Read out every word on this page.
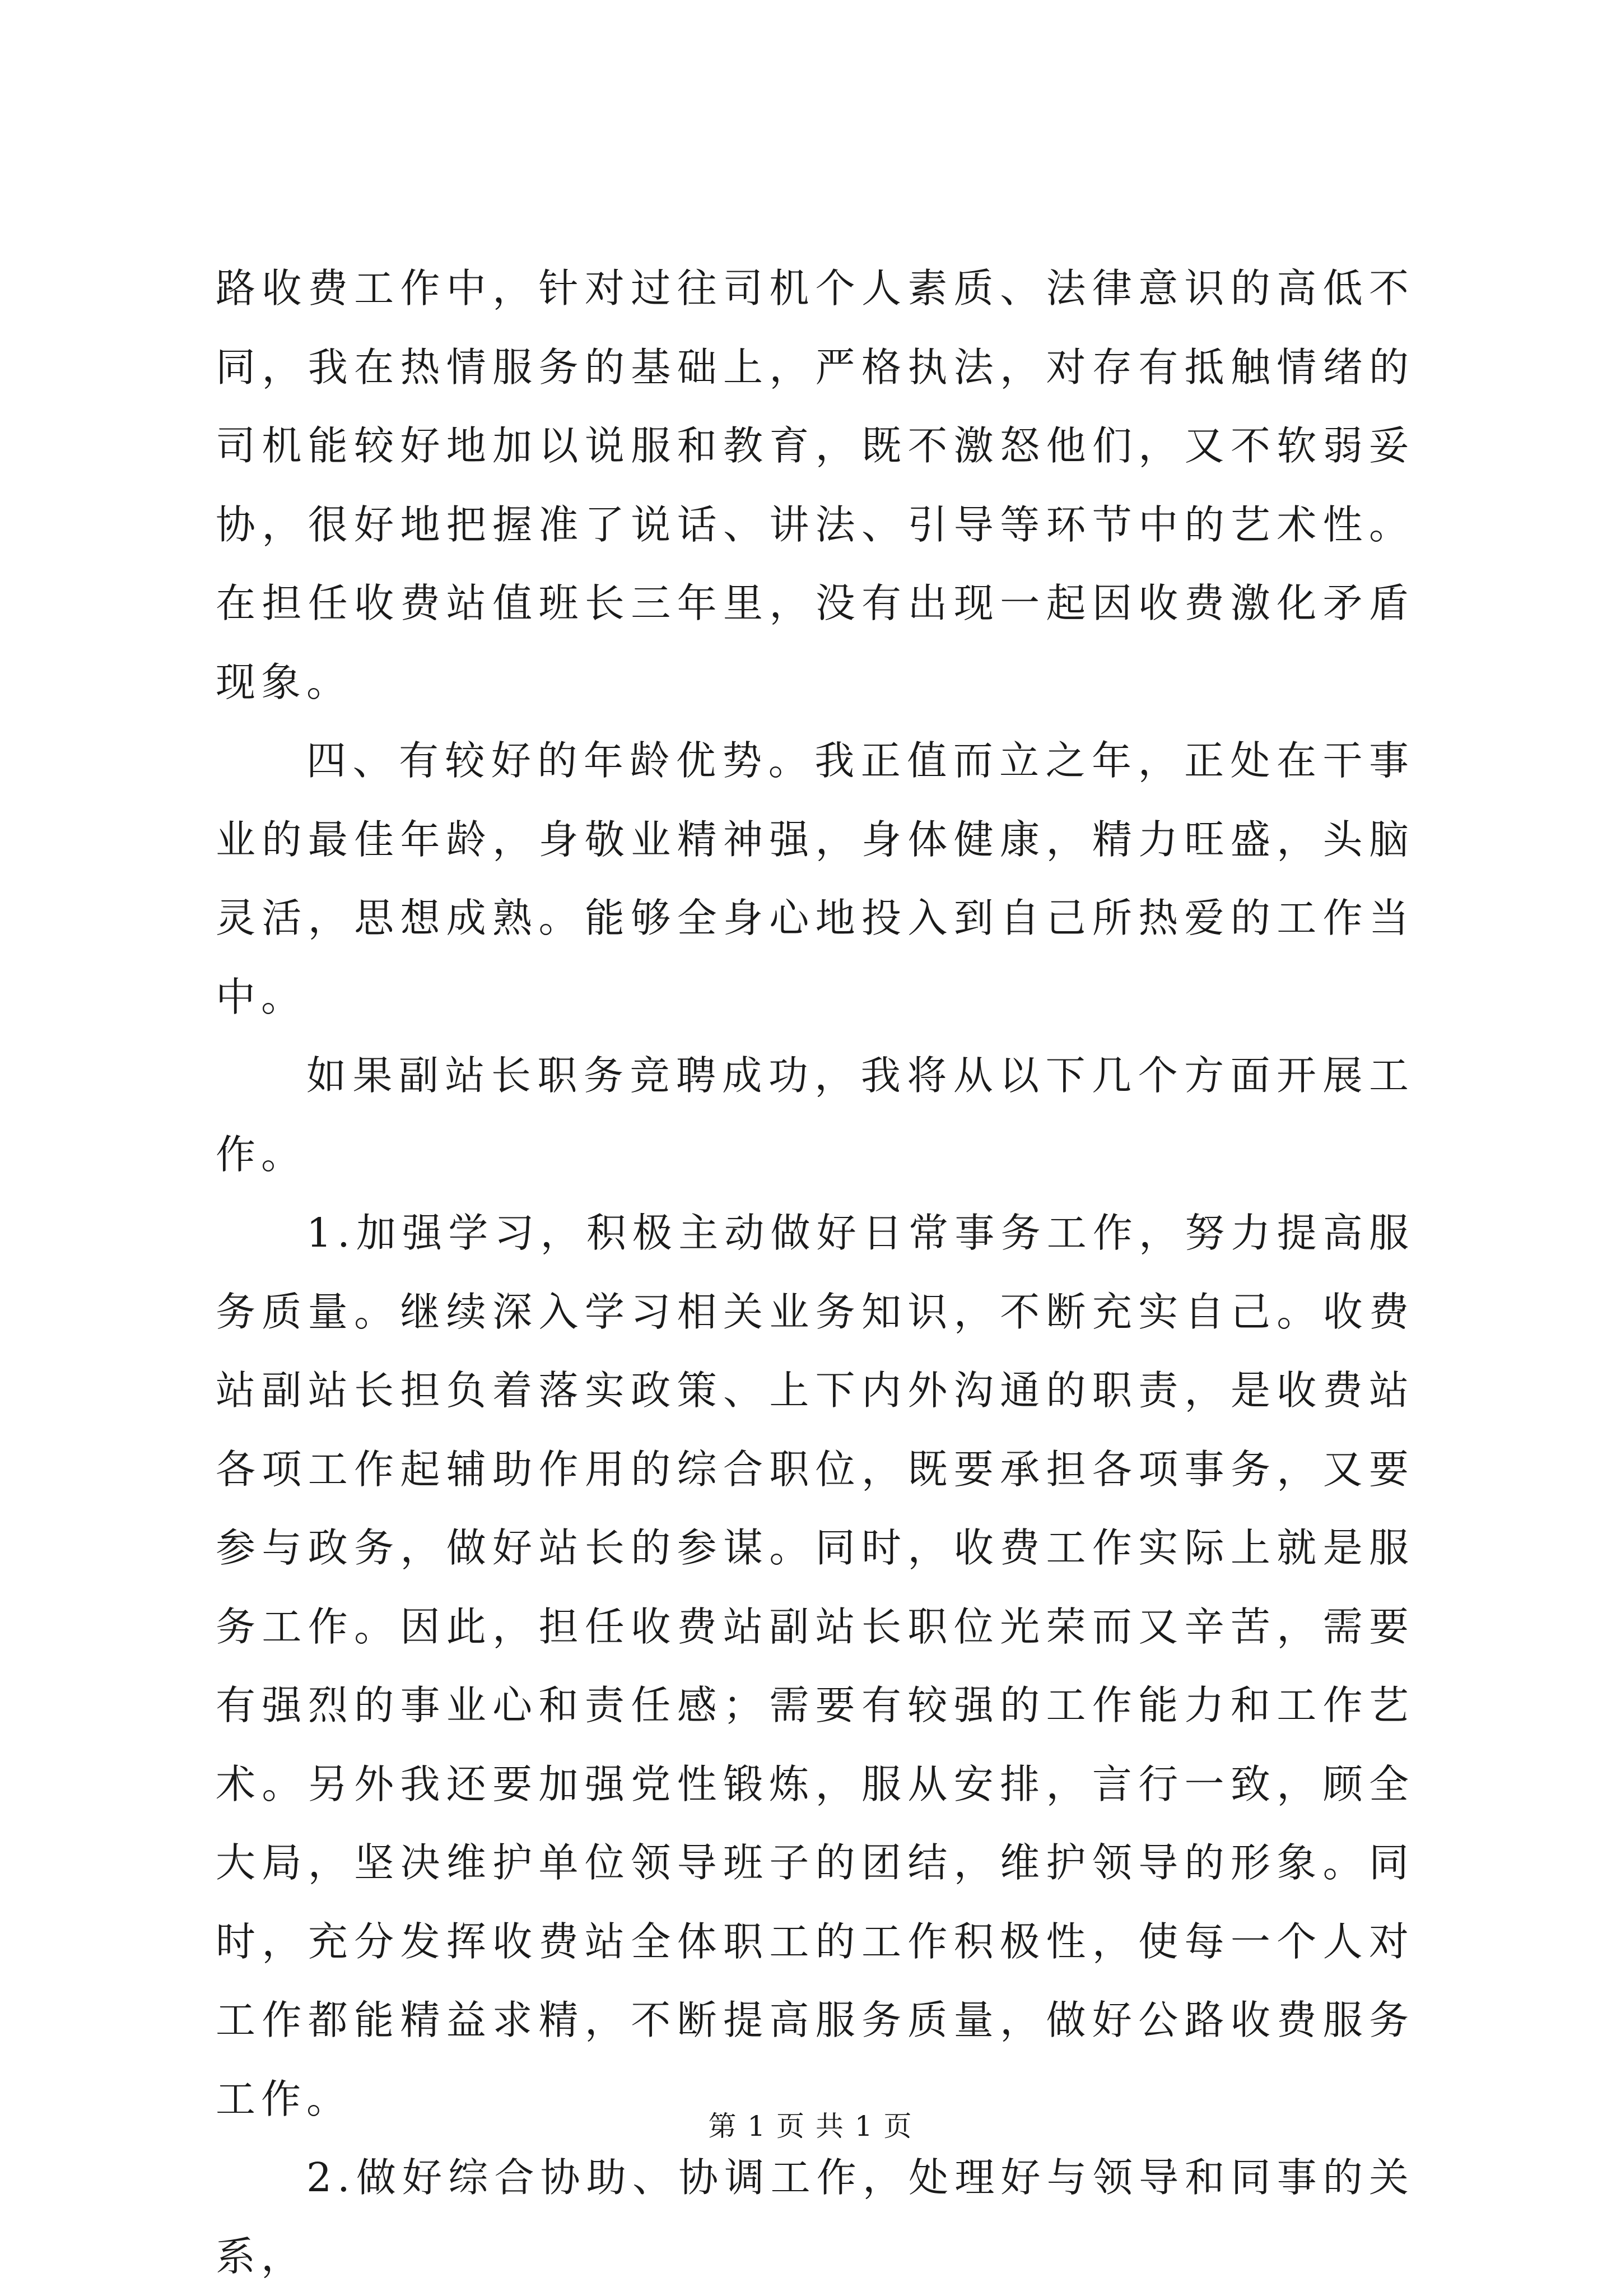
路收费工作中，针对过往司机个人素质、法律意识的高低不同，我在热情服务的基础上，严格执法，对存有抵触情绪的司机能较好地加以说服和教育，既不激怒他们，又不软弱妥协，很好地把握准了说话、讲法、引导等环节中的艺术性。在担任收费站值班长三年里，没有出现一起因收费激化矛盾现象。

四、有较好的年龄优势。我正值而立之年，正处在干事业的最佳年龄，身敬业精神强，身体健康，精力旺盛，头脑灵活，思想成熟。能够全身心地投入到自己所热爱的工作当中。

如果副站长职务竞聘成功，我将从以下几个方面开展工作。

1.加强学习，积极主动做好日常事务工作，努力提高服务质量。继续深入学习相关业务知识，不断充实自己。收费站副站长担负着落实政策、上下内外沟通的职责，是收费站各项工作起辅助作用的综合职位，既要承担各项事务，又要参与政务，做好站长的参谋。同时，收费工作实际上就是服务工作。因此，担任收费站副站长职位光荣而又辛苦，需要有强烈的事业心和责任感；需要有较强的工作能力和工作艺术。另外我还要加强党性锻炼，服从安排，言行一致，顾全大局，坚决维护单位领导班子的团结，维护领导的形象。同时，充分发挥收费站全体职工的工作积极性，使每一个人对工作都能精益求精，不断提高服务质量，做好公路收费服务工作。

2.做好综合协助、协调工作，处理好与领导和同事的关系，

第 1 页 共 1 页
